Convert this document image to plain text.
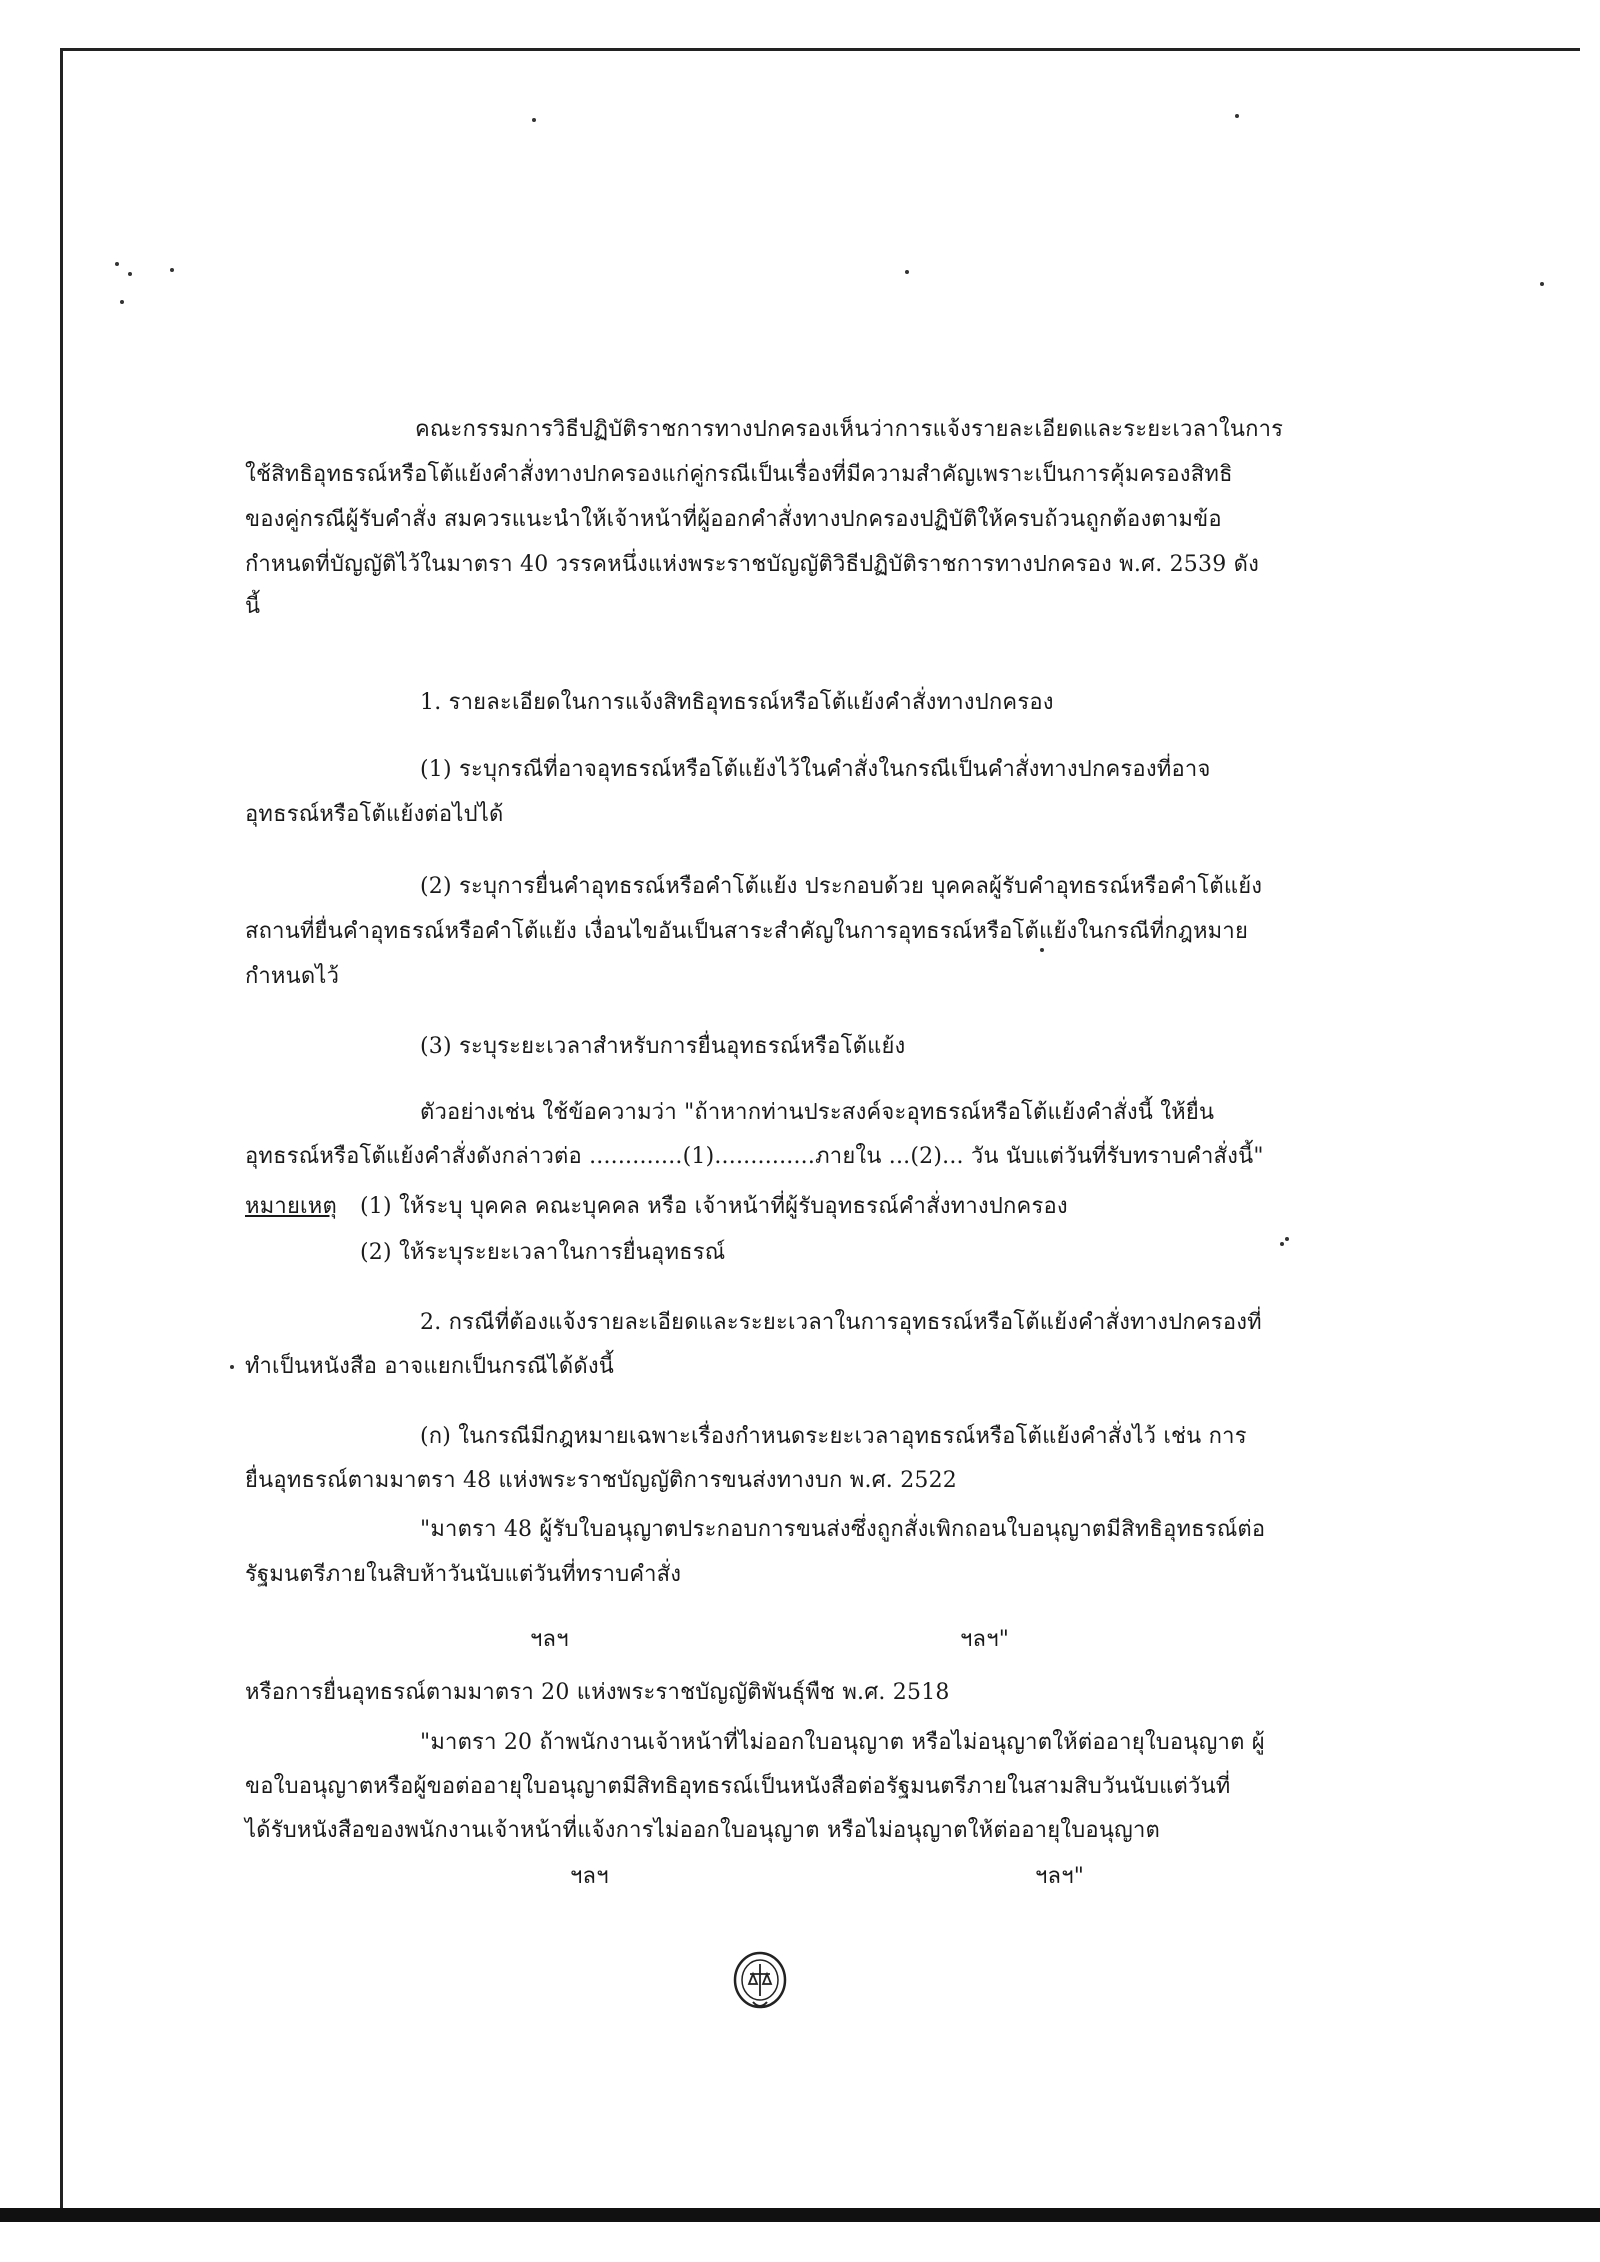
คณะกรรมการวิธีปฏิบัติราชการทางปกครองเห็นว่าการแจ้งรายละเอียดและระยะเวลาในการ
ใช้สิทธิอุทธรณ์หรือโต้แย้งคำสั่งทางปกครองแก่คู่กรณีเป็นเรื่องที่มีความสำคัญเพราะเป็นการคุ้มครองสิทธิ
ของคู่กรณีผู้รับคำสั่ง สมควรแนะนำให้เจ้าหน้าที่ผู้ออกคำสั่งทางปกครองปฏิบัติให้ครบถ้วนถูกต้องตามข้อ
กำหนดที่บัญญัติไว้ในมาตรา 40 วรรคหนึ่งแห่งพระราชบัญญัติวิธีปฏิบัติราชการทางปกครอง พ.ศ. 2539 ดัง
นี้
1. รายละเอียดในการแจ้งสิทธิอุทธรณ์หรือโต้แย้งคำสั่งทางปกครอง
(1) ระบุกรณีที่อาจอุทธรณ์หรือโต้แย้งไว้ในคำสั่งในกรณีเป็นคำสั่งทางปกครองที่อาจ
อุทธรณ์หรือโต้แย้งต่อไปได้
(2) ระบุการยื่นคำอุทธรณ์หรือคำโต้แย้ง ประกอบด้วย บุคคลผู้รับคำอุทธรณ์หรือคำโต้แย้ง
สถานที่ยื่นคำอุทธรณ์หรือคำโต้แย้ง เงื่อนไขอันเป็นสาระสำคัญในการอุทธรณ์หรือโต้แย้งในกรณีที่กฎหมาย
กำหนดไว้
(3) ระบุระยะเวลาสำหรับการยื่นอุทธรณ์หรือโต้แย้ง
ตัวอย่างเช่น ใช้ข้อความว่า "ถ้าหากท่านประสงค์จะอุทธรณ์หรือโต้แย้งคำสั่งนี้ ให้ยื่น
อุทธรณ์หรือโต้แย้งคำสั่งดังกล่าวต่อ .............(1)..............ภายใน ...(2)... วัน นับแต่วันที่รับทราบคำสั่งนี้"
หมายเหตุ (1) ให้ระบุ บุคคล คณะบุคคล หรือ เจ้าหน้าที่ผู้รับอุทธรณ์คำสั่งทางปกครอง
(2) ให้ระบุระยะเวลาในการยื่นอุทธรณ์
2. กรณีที่ต้องแจ้งรายละเอียดและระยะเวลาในการอุทธรณ์หรือโต้แย้งคำสั่งทางปกครองที่
ทำเป็นหนังสือ อาจแยกเป็นกรณีได้ดังนี้
(ก) ในกรณีมีกฎหมายเฉพาะเรื่องกำหนดระยะเวลาอุทธรณ์หรือโต้แย้งคำสั่งไว้ เช่น การ
ยื่นอุทธรณ์ตามมาตรา 48 แห่งพระราชบัญญัติการขนส่งทางบก พ.ศ. 2522
"มาตรา 48 ผู้รับใบอนุญาตประกอบการขนส่งซึ่งถูกสั่งเพิกถอนใบอนุญาตมีสิทธิอุทธรณ์ต่อ
รัฐมนตรีภายในสิบห้าวันนับแต่วันที่ทราบคำสั่ง
ฯลฯ	ฯลฯ"
หรือการยื่นอุทธรณ์ตามมาตรา 20 แห่งพระราชบัญญัติพันธุ์พืช พ.ศ. 2518
"มาตรา 20 ถ้าพนักงานเจ้าหน้าที่ไม่ออกใบอนุญาต หรือไม่อนุญาตให้ต่ออายุใบอนุญาต ผู้
ขอใบอนุญาตหรือผู้ขอต่ออายุใบอนุญาตมีสิทธิอุทธรณ์เป็นหนังสือต่อรัฐมนตรีภายในสามสิบวันนับแต่วันที่
ได้รับหนังสือของพนักงานเจ้าหน้าที่แจ้งการไม่ออกใบอนุญาต หรือไม่อนุญาตให้ต่ออายุใบอนุญาต
ฯลฯ	ฯลฯ"
